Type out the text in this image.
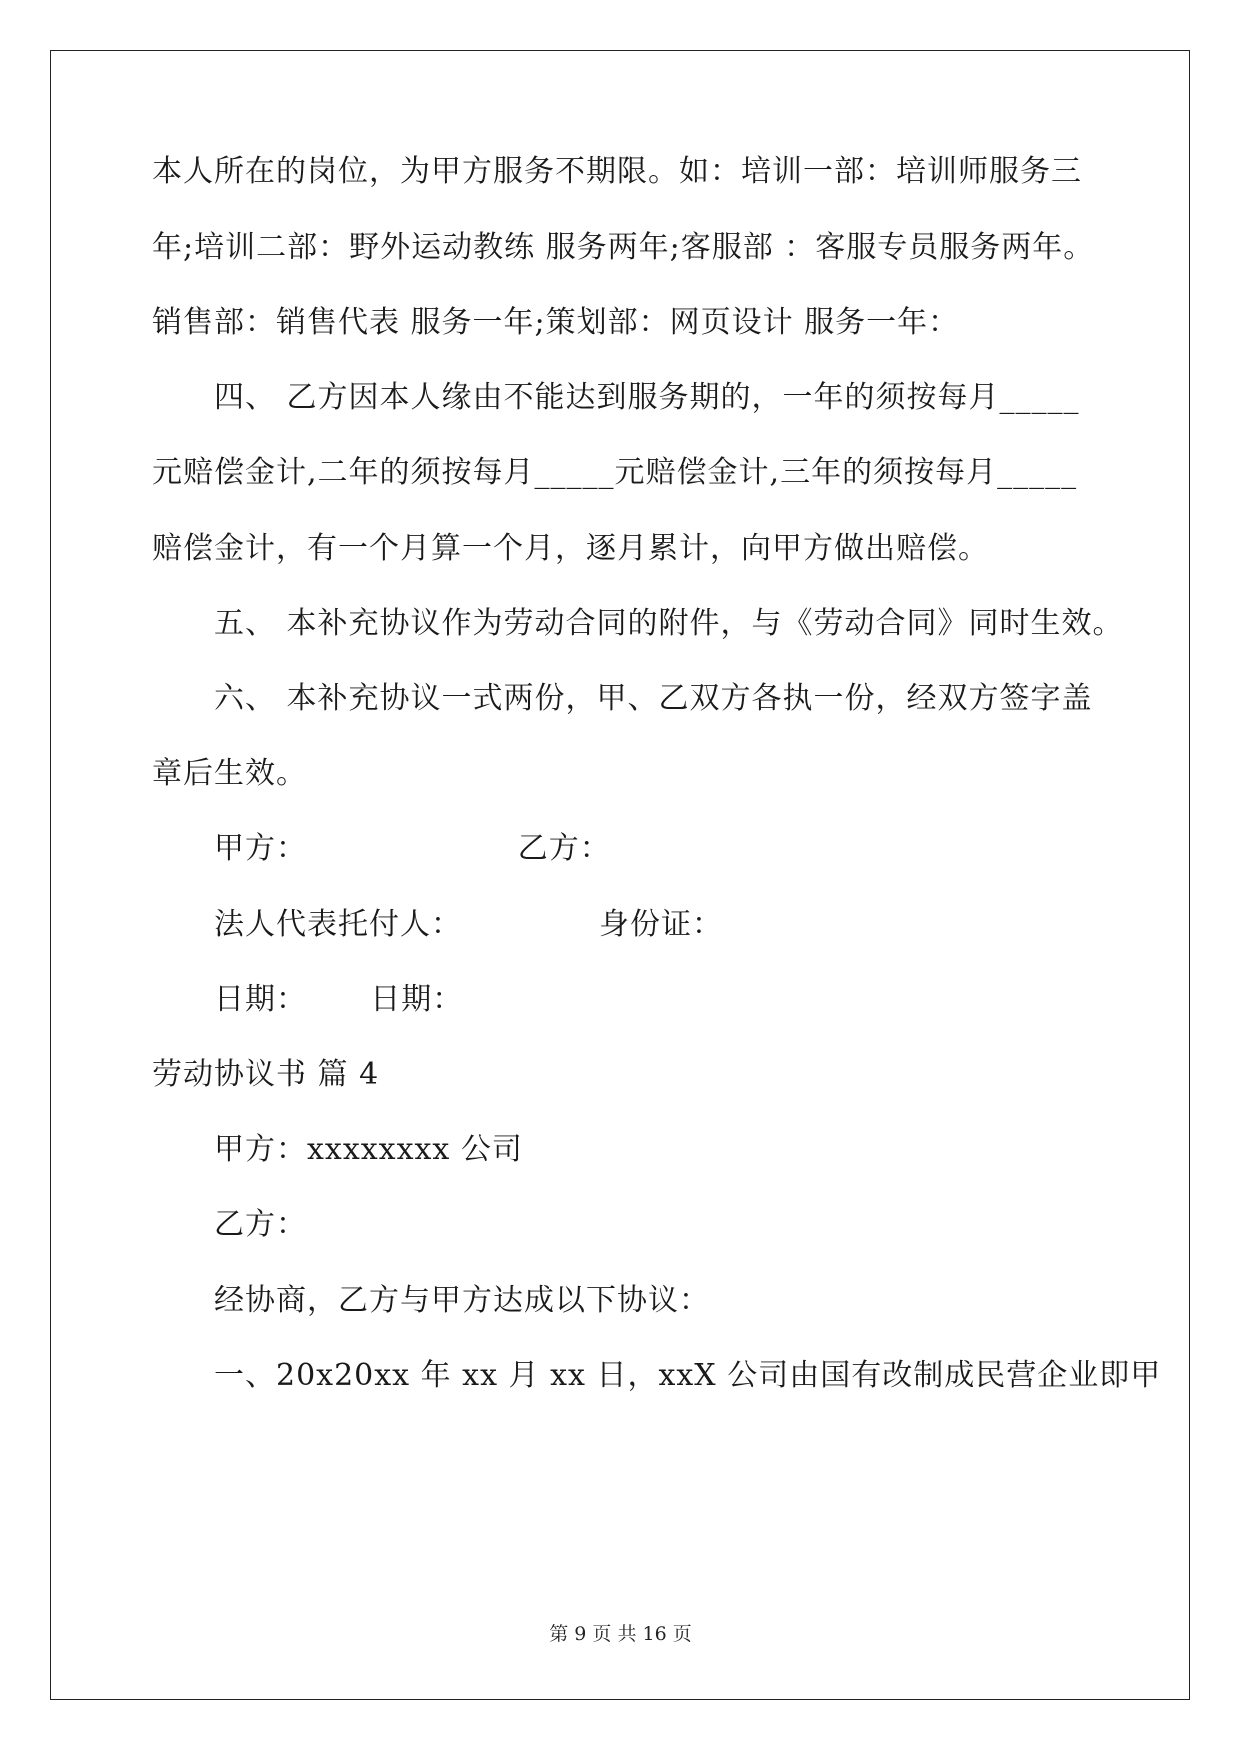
本人所在的岗位，为甲方服务不期限。如：培训一部：培训师服务三
年;培训二部：野外运动教练 服务两年;客服部 ：客服专员服务两年。
销售部：销售代表 服务一年;策划部：网页设计 服务一年：
四、 乙方因本人缘由不能达到服务期的，一年的须按每月_____
元赔偿金计,二年的须按每月_____元赔偿金计,三年的须按每月_____
赔偿金计，有一个月算一个月，逐月累计，向甲方做出赔偿。
五、 本补充协议作为劳动合同的附件，与《劳动合同》同时生效。
六、 本补充协议一式两份，甲、乙双方各执一份，经双方签字盖
章后生效。
甲方：                    乙方：
法人代表托付人：             身份证：
日期：      日期：
劳动协议书 篇 4
甲方：xxxxxxxx 公司
乙方：
经协商，乙方与甲方达成以下协议：
一、20x20xx 年 xx 月 xx 日，xxX 公司由国有改制成民营企业即甲
第 9 页 共 16 页
